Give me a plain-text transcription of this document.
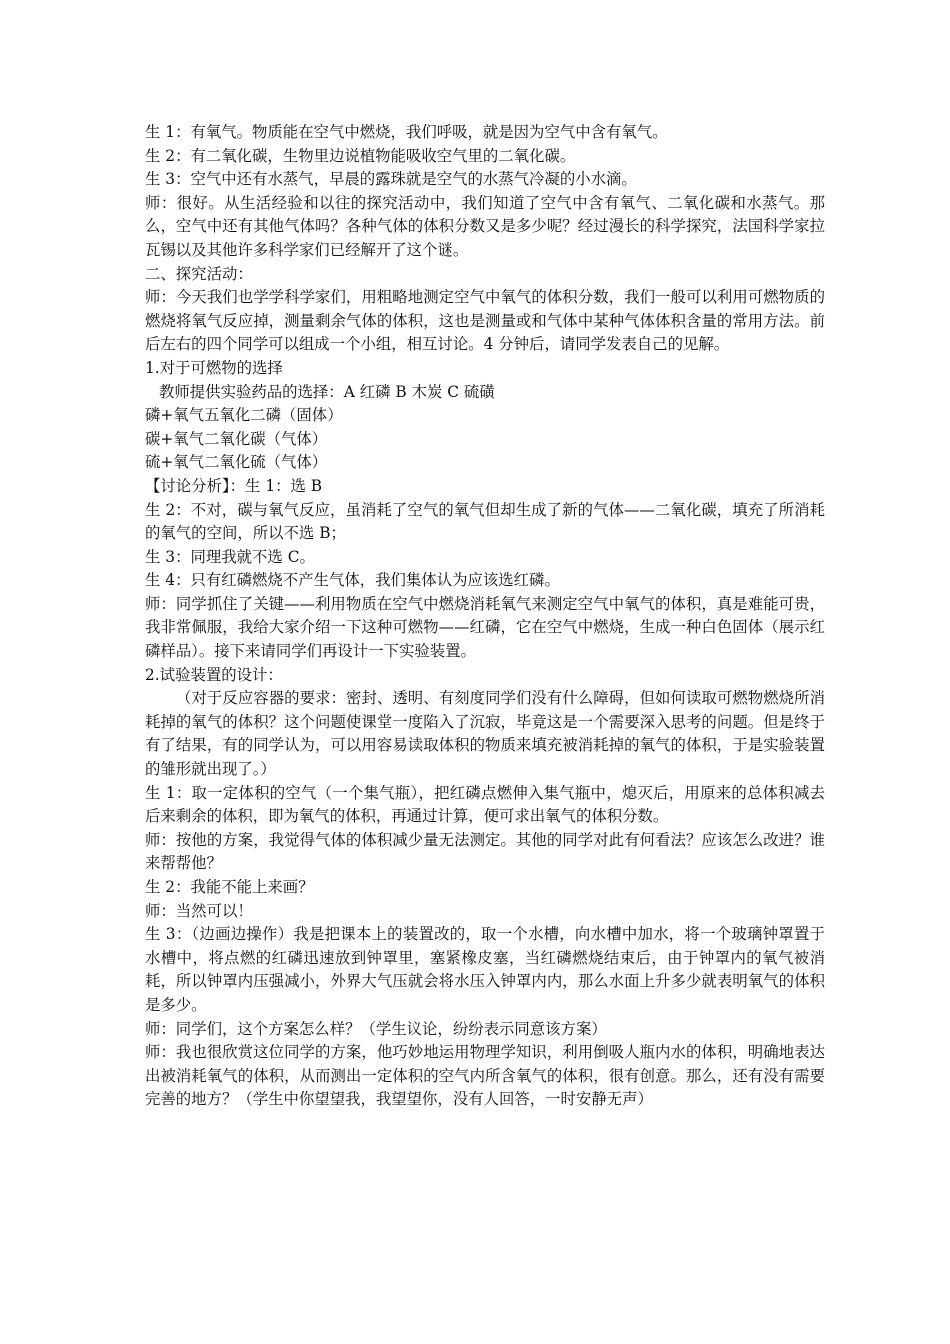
生 1：有氧气。物质能在空气中燃烧，我们呼吸，就是因为空气中含有氧气。

生 2：有二氧化碳，生物里边说植物能吸收空气里的二氧化碳。

生 3：空气中还有水蒸气，早晨的露珠就是空气的水蒸气冷凝的小水滴。

师：很好。从生活经验和以往的探究活动中，我们知道了空气中含有氧气、二氧化碳和水蒸气。那么，空气中还有其他气体吗？各种气体的体积分数又是多少呢？经过漫长的科学探究，法国科学家拉瓦锡以及其他许多科学家们已经解开了这个谜。

二、探究活动：

师：今天我们也学学科学家们，用粗略地测定空气中氧气的体积分数，我们一般可以利用可燃物质的燃烧将氧气反应掉，测量剩余气体的体积，这也是测量或和气体中某种气体体积含量的常用方法。前后左右的四个同学可以组成一个小组，相互讨论。4 分钟后，请同学发表自己的见解。

1.对于可燃物的选择

教师提供实验药品的选择：A 红磷 B 木炭 C 硫磺

磷+氧气五氧化二磷（固体）

碳+氧气二氧化碳（气体）

硫+氧气二氧化硫（气体）

【讨论分析】：生 1：选 B

生 2：不对，碳与氧气反应，虽消耗了空气的氧气但却生成了新的气体——二氧化碳，填充了所消耗的氧气的空间，所以不选 B；

生 3：同理我就不选 C。

生 4：只有红磷燃烧不产生气体，我们集体认为应该选红磷。

师：同学抓住了关键——利用物质在空气中燃烧消耗氧气来测定空气中氧气的体积，真是难能可贵，我非常佩服，我给大家介绍一下这种可燃物——红磷，它在空气中燃烧，生成一种白色固体（展示红磷样品）。接下来请同学们再设计一下实验装置。

2.试验装置的设计：

（对于反应容器的要求：密封、透明、有刻度同学们没有什么障碍，但如何读取可燃物燃烧所消耗掉的氧气的体积？这个问题使课堂一度陷入了沉寂，毕竟这是一个需要深入思考的问题。但是终于有了结果，有的同学认为，可以用容易读取体积的物质来填充被消耗掉的氧气的体积，于是实验装置的雏形就出现了。）

生 1：取一定体积的空气（一个集气瓶），把红磷点燃伸入集气瓶中，熄灭后，用原来的总体积减去后来剩余的体积，即为氧气的体积，再通过计算，便可求出氧气的体积分数。

师：按他的方案，我觉得气体的体积减少量无法测定。其他的同学对此有何看法？应该怎么改进？谁来帮帮他？

生 2：我能不能上来画？

师：当然可以！

生 3：（边画边操作）我是把课本上的装置改的，取一个水槽，向水槽中加水，将一个玻璃钟罩置于水槽中，将点燃的红磷迅速放到钟罩里，塞紧橡皮塞，当红磷燃烧结束后，由于钟罩内的氧气被消耗，所以钟罩内压强减小，外界大气压就会将水压入钟罩内内，那么水面上升多少就表明氧气的体积是多少。

师：同学们，这个方案怎么样？（学生议论，纷纷表示同意该方案）

师：我也很欣赏这位同学的方案，他巧妙地运用物理学知识，利用倒吸人瓶内水的体积，明确地表达出被消耗氧气的体积，从而测出一定体积的空气内所含氧气的体积，很有创意。那么，还有没有需要完善的地方？（学生中你望望我，我望望你，没有人回答，一时安静无声）
